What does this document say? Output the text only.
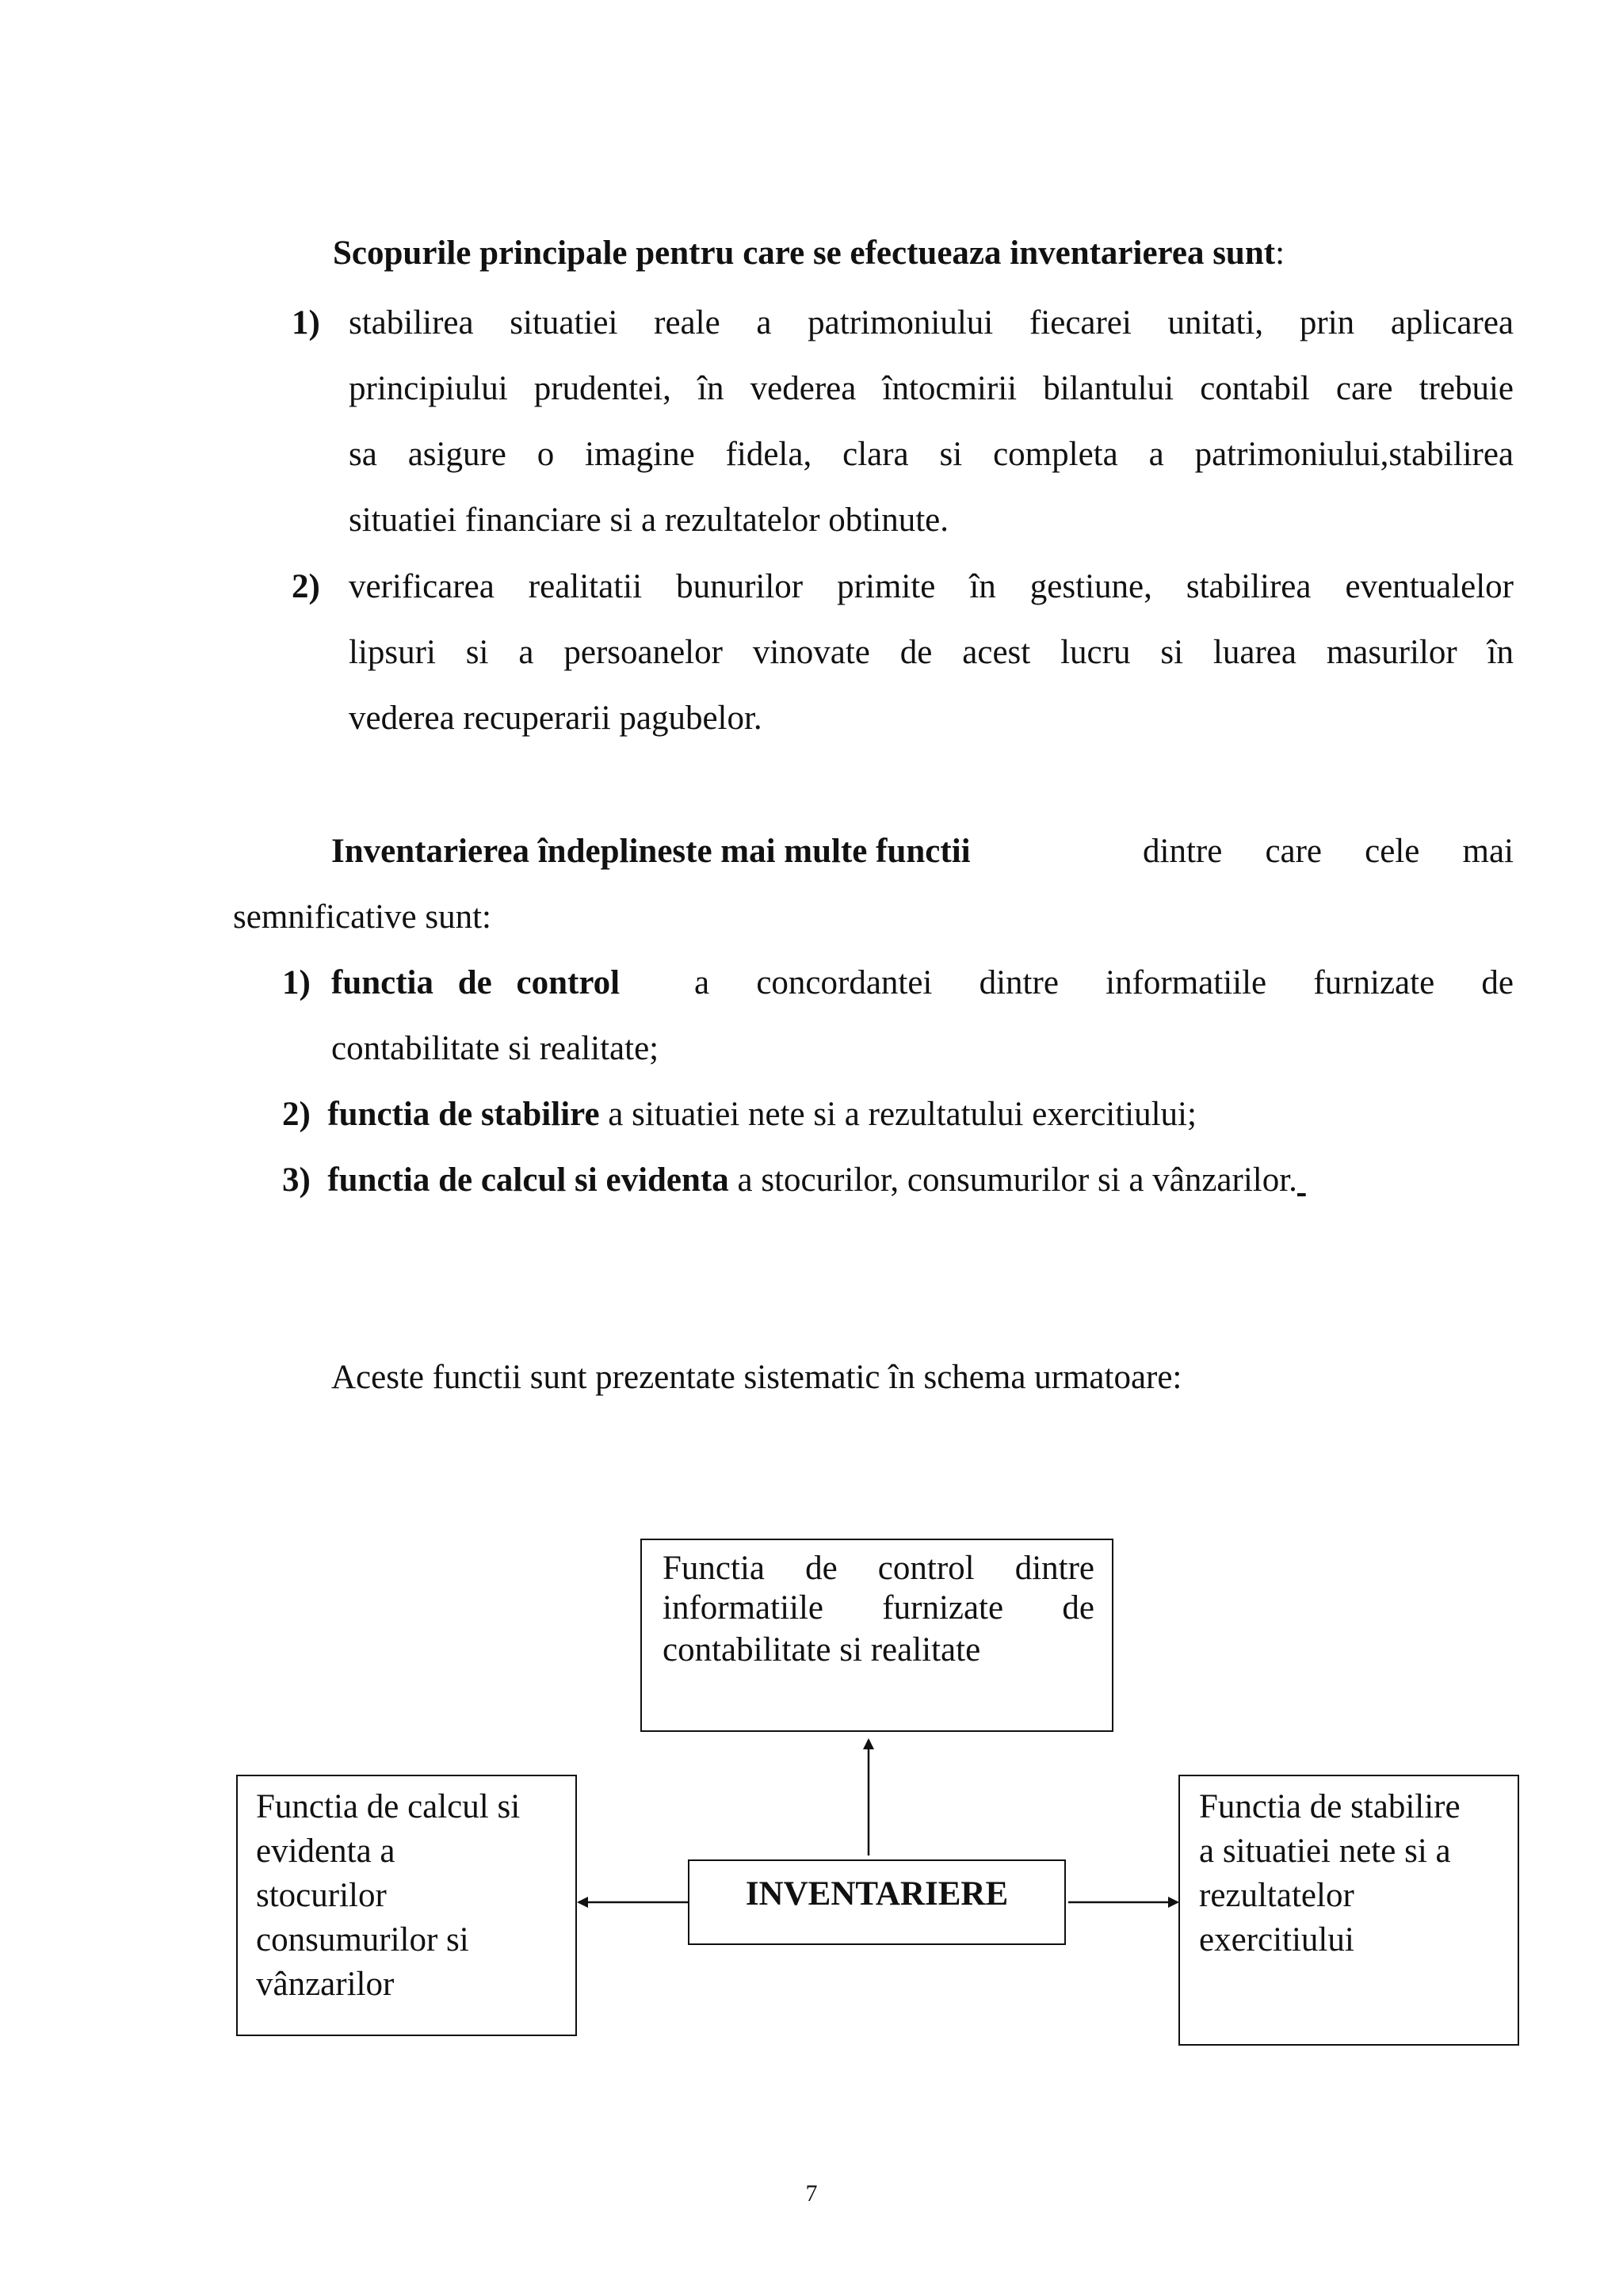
Scopurile principale pentru care se efectueaza inventarierea sunt:
1) stabilirea situatiei reale a patrimoniului fiecarei unitati, prin aplicarea
principiului prudentei, în vederea întocmirii bilantului contabil care trebuie
sa asigure o imagine fidela, clara si completa a patrimoniului,stabilirea
situatiei financiare si a rezultatelor obtinute.
2) verificarea realitatii bunurilor primite în gestiune, stabilirea eventualelor
lipsuri si a persoanelor vinovate de acest lucru si luarea masurilor în
vederea recuperarii pagubelor.
Inventarierea îndeplineste mai multe functii	dintre care cele mai
semnificative sunt:
1) functia de control a concordantei dintre informatiile furnizate de
contabilitate si realitate;
2) functia de stabilire a situatiei nete si a rezultatului exercitiului;
3) functia de calcul si evidenta a stocurilor, consumurilor si a vânzarilor.
Aceste functii sunt prezentate sistematic în schema urmatoare:
Functia de control dintre
informatiile furnizate de
contabilitate si realitate
INVENTARIERE
Functia de calcul si
evidenta a
stocurilor
consumurilor si
vânzarilor
Functia de stabilire
a situatiei nete si a
rezultatelor
exercitiului
7
